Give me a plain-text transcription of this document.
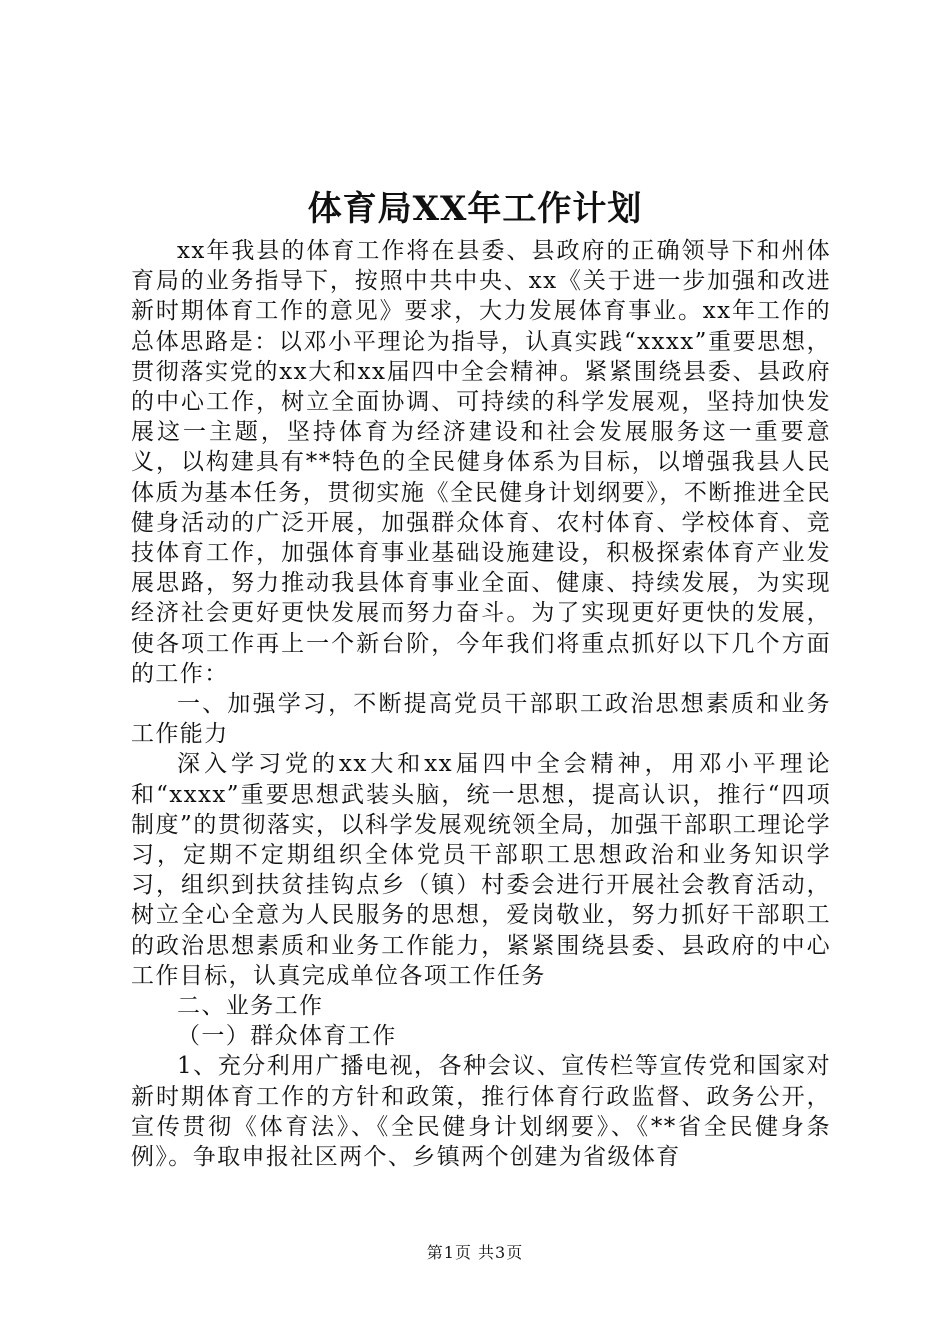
体育局XX年工作计划

xx年我县的体育工作将在县委、县政府的正确领导下和州体育局的业务指导下，按照中共中央、xx《关于进一步加强和改进新时期体育工作的意见》要求，大力发展体育事业。xx年工作的总体思路是：以邓小平理论为指导，认真实践“xxxx”重要思想，贯彻落实党的xx大和xx届四中全会精神。紧紧围绕县委、县政府的中心工作，树立全面协调、可持续的科学发展观，坚持加快发展这一主题，坚持体育为经济建设和社会发展服务这一重要意义，以构建具有**特色的全民健身体系为目标，以增强我县人民体质为基本任务，贯彻实施《全民健身计划纲要》，不断推进全民健身活动的广泛开展，加强群众体育、农村体育、学校体育、竞技体育工作，加强体育事业基础设施建设，积极探索体育产业发展思路，努力推动我县体育事业全面、健康、持续发展，为实现经济社会更好更快发展而努力奋斗。为了实现更好更快的发展，使各项工作再上一个新台阶，今年我们将重点抓好以下几个方面的工作：

一、加强学习，不断提高党员干部职工政治思想素质和业务工作能力

深入学习党的xx大和xx届四中全会精神，用邓小平理论和“xxxx”重要思想武装头脑，统一思想，提高认识，推行“四项制度”的贯彻落实，以科学发展观统领全局，加强干部职工理论学习，定期不定期组织全体党员干部职工思想政治和业务知识学习，组织到扶贫挂钩点乡（镇）村委会进行开展社会教育活动，树立全心全意为人民服务的思想，爱岗敬业，努力抓好干部职工的政治思想素质和业务工作能力，紧紧围绕县委、县政府的中心工作目标，认真完成单位各项工作任务

二、业务工作

（一）群众体育工作

1、充分利用广播电视，各种会议、宣传栏等宣传党和国家对新时期体育工作的方针和政策，推行体育行政监督、政务公开，宣传贯彻《体育法》、《全民健身计划纲要》、《**省全民健身条例》。争取申报社区两个、乡镇两个创建为省级体育

第1页 共3页
